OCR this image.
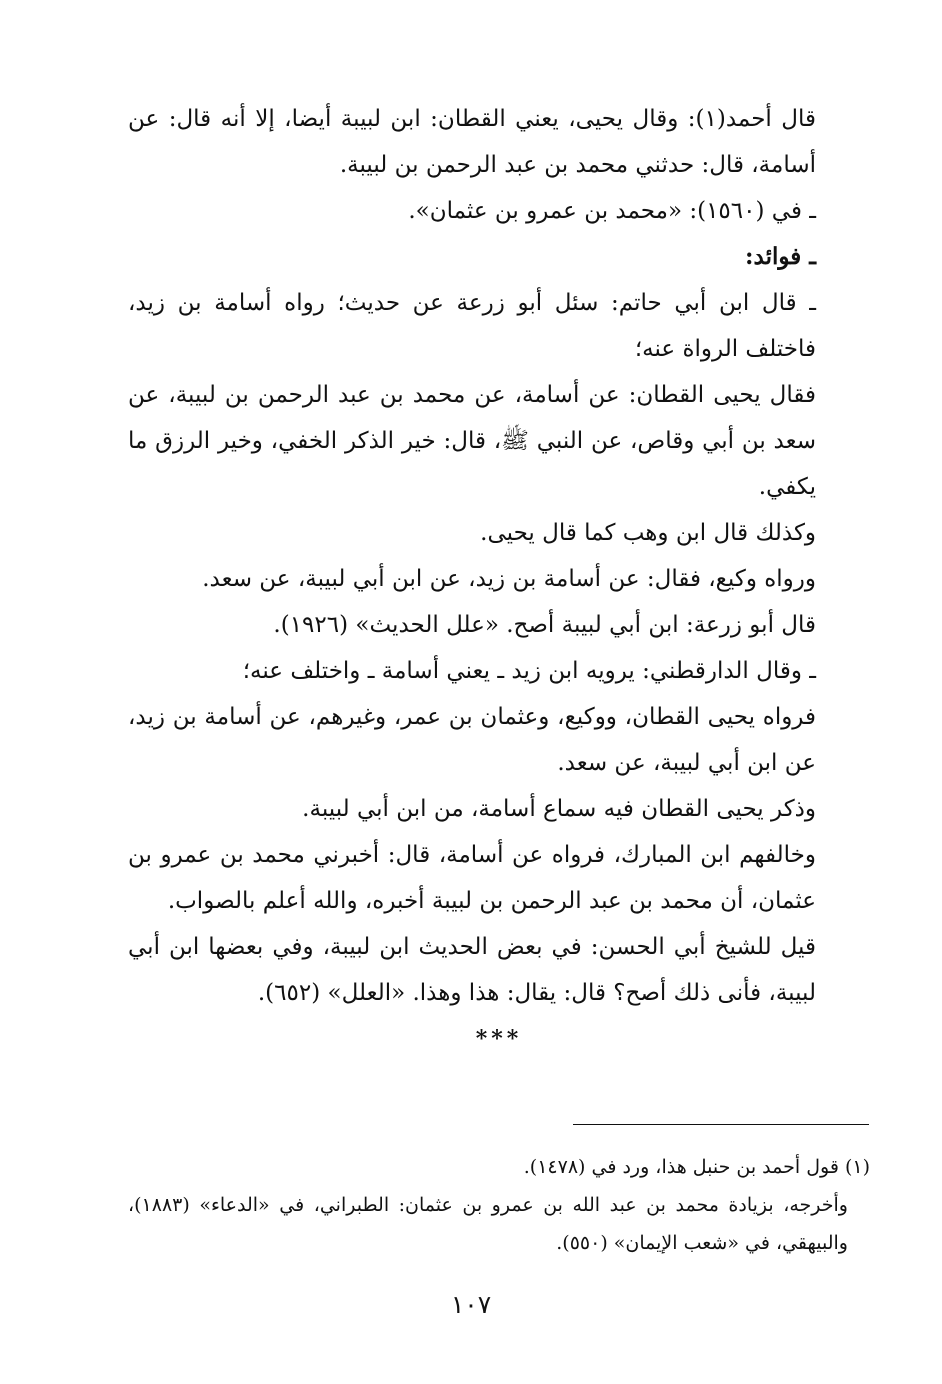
قال أحمد(١): وقال يحيى، يعني القطان: ابن لبيبة أيضا، إلا أنه قال: عن أسامة، قال: حدثني محمد بن عبد الرحمن بن لبيبة.

ـ في (١٥٦٠): «محمد بن عمرو بن عثمان».

ـ فوائد:

ـ قال ابن أبي حاتم: سئل أبو زرعة عن حديث؛ رواه أسامة بن زيد، فاختلف الرواة عنه؛

فقال يحيى القطان: عن أسامة، عن محمد بن عبد الرحمن بن لبيبة، عن سعد بن أبي وقاص، عن النبي ﷺ، قال: خير الذكر الخفي، وخير الرزق ما يكفي.

وكذلك قال ابن وهب كما قال يحيى.

ورواه وكيع، فقال: عن أسامة بن زيد، عن ابن أبي لبيبة، عن سعد.

قال أبو زرعة: ابن أبي لبيبة أصح. «علل الحديث» (١٩٢٦).

ـ وقال الدارقطني: يرويه ابن زيد ـ يعني أسامة ـ واختلف عنه؛

فرواه يحيى القطان، ووكيع، وعثمان بن عمر، وغيرهم، عن أسامة بن زيد، عن ابن أبي لبيبة، عن سعد.

وذكر يحيى القطان فيه سماع أسامة، من ابن أبي لبيبة.

وخالفهم ابن المبارك، فرواه عن أسامة، قال: أخبرني محمد بن عمرو بن عثمان، أن محمد بن عبد الرحمن بن لبيبة أخبره، والله أعلم بالصواب.

قيل للشيخ أبي الحسن: في بعض الحديث ابن لبيبة، وفي بعضها ابن أبي لبيبة، فأنى ذلك أصح؟ قال: يقال: هذا وهذا. «العلل» (٦٥٢).

***

(١) قول أحمد بن حنبل هذا، ورد في (١٤٧٨).

وأخرجه، بزيادة محمد بن عبد الله بن عمرو بن عثمان: الطبراني، في «الدعاء» (١٨٨٣)، والبيهقي، في «شعب الإيمان» (٥٥٠).

١٠٧
